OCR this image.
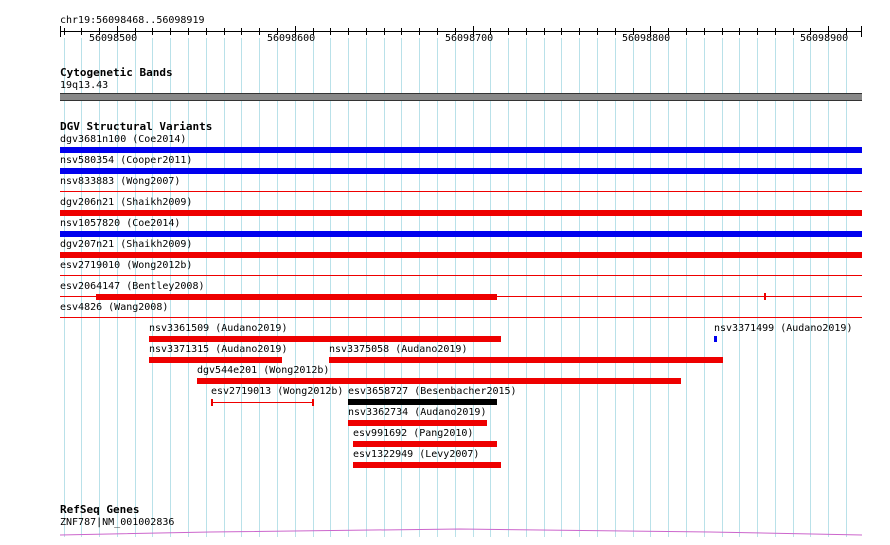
chr19:56098468..56098919
56098500	56098600	56098700	56098800	56098900
Cytogenetic Bands
19q13.43
DGV Structural Variants
dgv3681n100 (Coe2014)
nsv580354 (Cooper2011)
nsv833883 (Wong2007)
dgv206n21 (Shaikh2009)
nsv1057820 (Coe2014)
dgv207n21 (Shaikh2009)
esv2719010 (Wong2012b)
esv2064147 (Bentley2008)
esv4826 (Wang2008)
nsv3361509 (Audano2019)	nsv3371499 (Audano2019)
nsv3371315 (Audano2019)	nsv3375058 (Audano2019)
dgv544e201 (Wong2012b)
esv2719013 (Wong2012b) esv3658727 (Besenbacher2015)
nsv3362734 (Audano2019)
esv991692 (Pang2010)
esv1322949 (Levy2007)
RefSeq Genes
ZNF787|NM_001002836
